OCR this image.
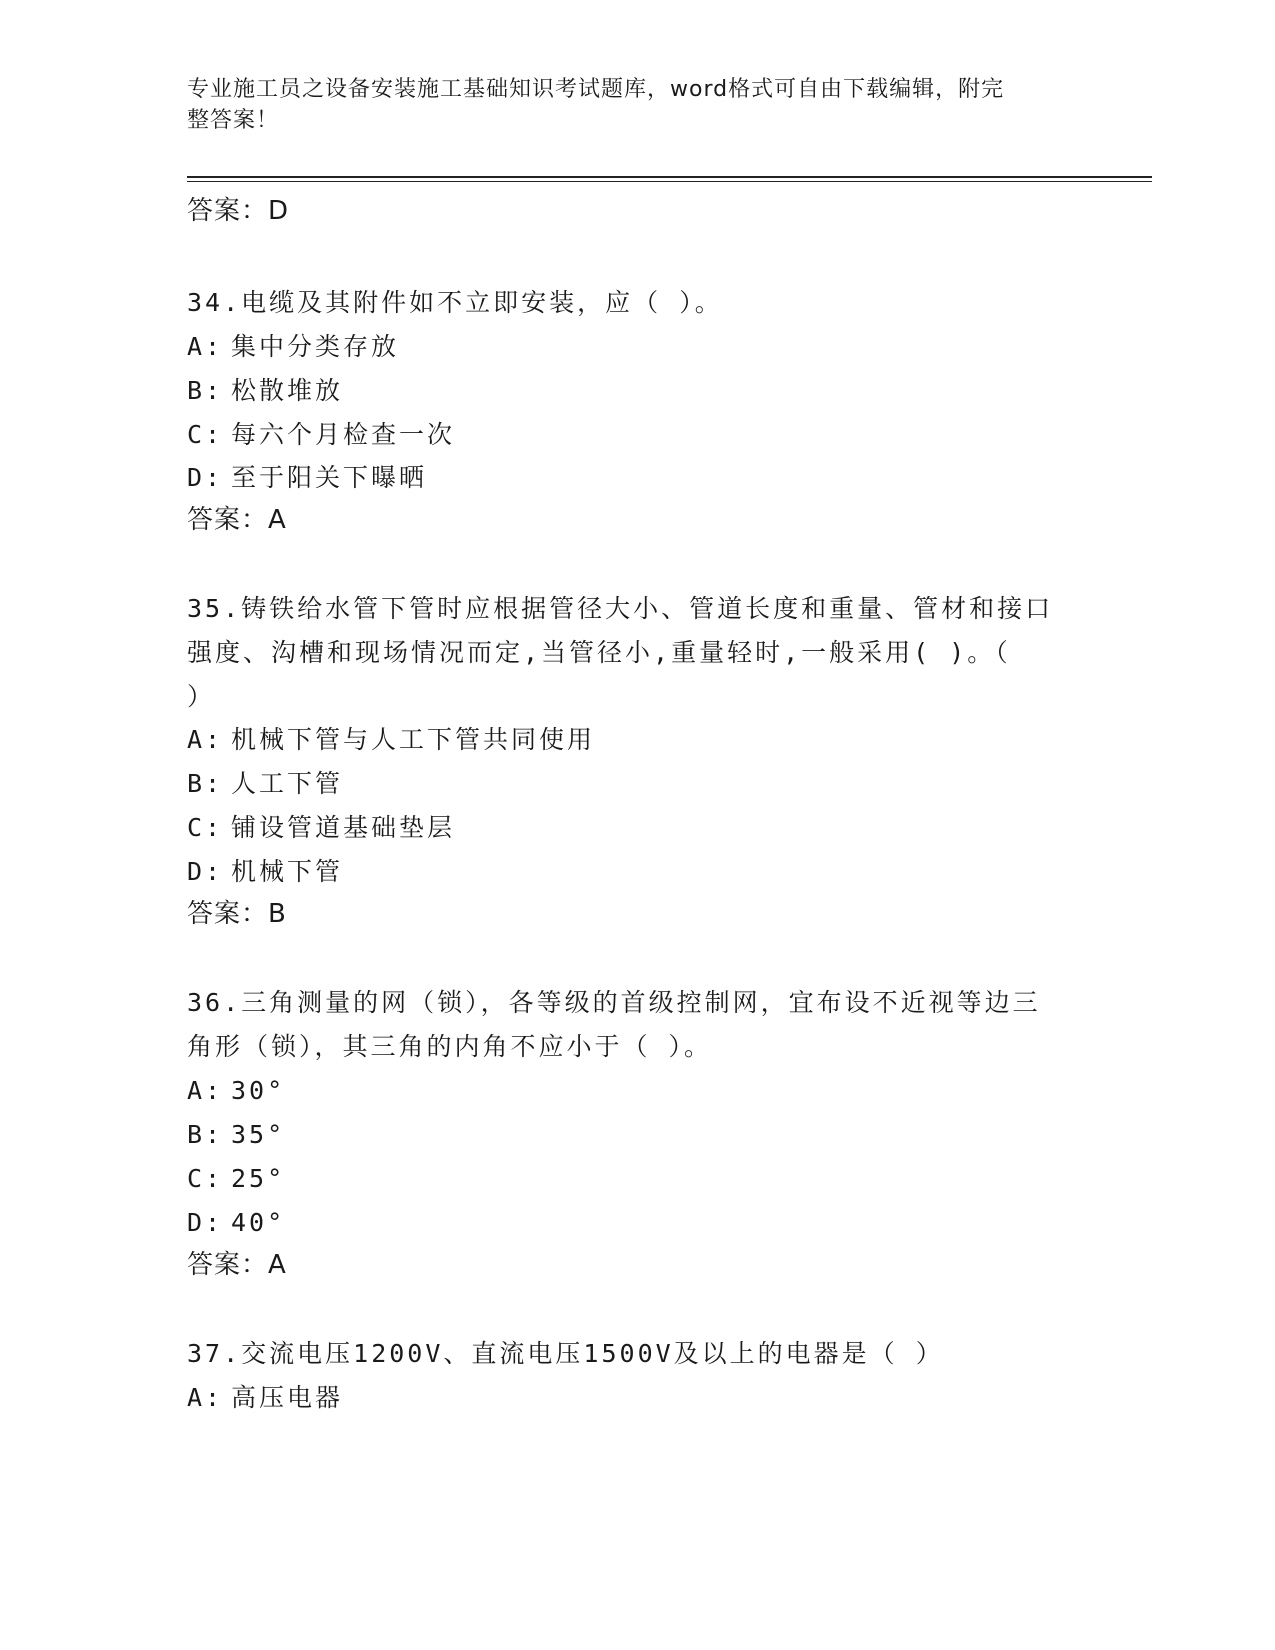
专业施工员之设备安装施工基础知识考试题库，word格式可自由下载编辑，附完
整答案！
答案：D
34.电缆及其附件如不立即安装，应（ ）。
A: 集中分类存放
B: 松散堆放
C: 每六个月检查一次
D: 至于阳关下曝晒
答案：A
35.铸铁给水管下管时应根据管径大小、管道长度和重量、管材和接口
强度、沟槽和现场情况而定,当管径小,重量轻时,一般采用( )。（
）
A: 机械下管与人工下管共同使用
B: 人工下管
C: 铺设管道基础垫层
D: 机械下管
答案：B
36.三角测量的网（锁），各等级的首级控制网，宜布设不近视等边三
角形（锁），其三角的内角不应小于（ ）。
A: 30°
B: 35°
C: 25°
D: 40°
答案：A
37.交流电压1200V、直流电压1500V及以上的电器是（ ）
A: 高压电器
